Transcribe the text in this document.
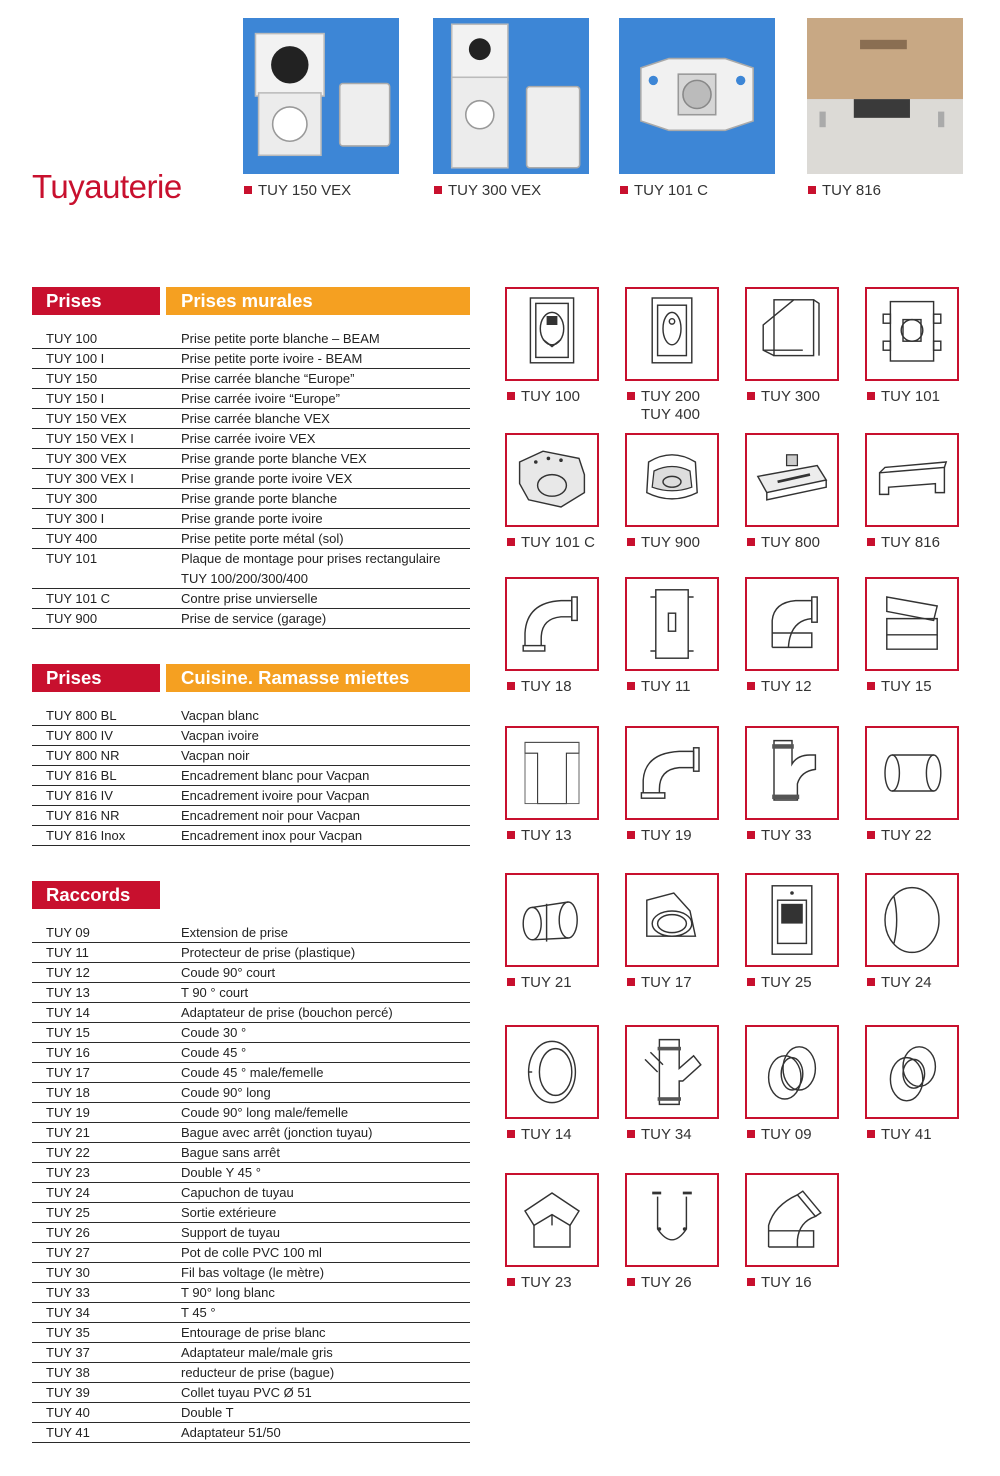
Tuyauterie	TUY 150 VEX	TUY 300 VEX	TUY 101 C	TUY 816
Prises	Prises murales
TUY 100	Prise petite porte blanche – BEAM
TUY 100 I	Prise petite porte ivoire - BEAM
TUY 150	Prise carrée blanche “Europe”
TUY 150 I	Prise carrée ivoire “Europe”
TUY 150 VEX	Prise carrée blanche VEX
TUY 150 VEX I	Prise carrée ivoire VEX
TUY 300 VEX	Prise grande porte blanche VEX
TUY 300 VEX I	Prise grande porte ivoire VEX
TUY 300	Prise grande porte blanche
TUY 300 I	Prise grande porte ivoire
TUY 400	Prise petite porte métal (sol)
TUY 101	Plaque de montage pour prises rectangulaire
TUY 100/200/300/400
TUY 101 C	Contre prise unvierselle
TUY 900	Prise de service (garage)
Prises	Cuisine. Ramasse miettes
TUY 800 BL	Vacpan blanc
TUY 800 IV	Vacpan ivoire
TUY 800 NR	Vacpan noir
TUY 816 BL	Encadrement blanc pour Vacpan
TUY 816 IV	Encadrement ivoire pour Vacpan
TUY 816 NR	Encadrement noir pour Vacpan
TUY 816 Inox	Encadrement inox pour Vacpan
Raccords
TUY 09	Extension de prise
TUY 11	Protecteur de prise (plastique)
TUY 12	Coude 90° court
TUY 13	T 90 ° court
TUY 14	Adaptateur de prise (bouchon percé)
TUY 15	Coude 30 °
TUY 16	Coude 45 °
TUY 17	Coude 45 ° male/femelle
TUY 18	Coude 90° long
TUY 19	Coude 90° long male/femelle
TUY 21	Bague avec arrêt (jonction tuyau)
TUY 22	Bague sans arrêt
TUY 23	Double Y 45 °
TUY 24	Capuchon de tuyau
TUY 25	Sortie extérieure
TUY 26	Support de tuyau
TUY 27	Pot de colle PVC 100 ml
TUY 30	Fil bas voltage (le mètre)
TUY 33	T 90° long blanc
TUY 34	T 45 °
TUY 35	Entourage de prise blanc
TUY 37	Adaptateur male/male gris
TUY 38	reducteur de prise (bague)
TUY 39	Collet tuyau PVC Ø 51
TUY 40	Double T
TUY 41	Adaptateur 51/50
TUY 100	TUY 200
TUY 400
TUY 300	TUY 101
TUY 101 C	TUY 900	TUY 800	TUY 816
TUY 18	TUY 11	TUY 12	TUY 15
TUY 13	TUY 19	TUY 33	TUY 22
TUY 21	TUY 17	TUY 25	TUY 24
TUY 14	TUY 34	TUY 09	TUY 41
TUY 23	TUY 26	TUY 16
